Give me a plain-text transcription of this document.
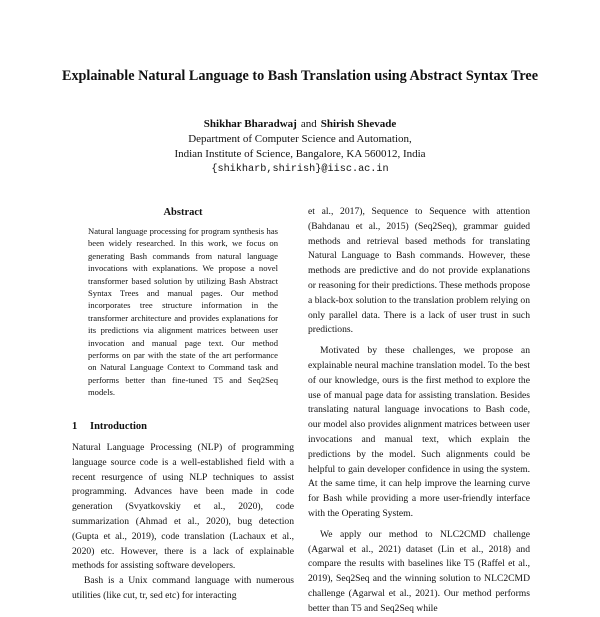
Explainable Natural Language to Bash Translation using Abstract Syntax Tree
Shikhar Bharadwaj and Shirish Shevade
Department of Computer Science and Automation,
Indian Institute of Science, Bangalore, KA 560012, India
{shikharb,shirish}@iisc.ac.in
Abstract

Natural language processing for program synthesis has been widely researched. In this work, we focus on generating Bash commands from natural language invocations with explanations. We propose a novel transformer based solution by utilizing Bash Abstract Syntax Trees and manual pages. Our method incorporates tree structure information in the transformer architecture and provides explanations for its predictions via alignment matrices between user invocation and manual page text. Our method performs on par with the state of the art performance on Natural Language Context to Command task and performs better than fine-tuned T5 and Seq2Seq models.

1 Introduction

Natural Language Processing (NLP) of programming language source code is a well-established field with a recent resurgence of using NLP techniques to assist programming. Advances have been made in code generation (Svyatkovskiy et al., 2020), code summarization (Ahmad et al., 2020), bug detection (Gupta et al., 2019), code translation (Lachaux et al., 2020) etc. However, there is a lack of explainable methods for assisting software developers.

Bash is a Unix command language with numerous utilities (like cut, tr, sed etc) for interacting

et al., 2017), Sequence to Sequence with attention (Bahdanau et al., 2015) (Seq2Seq), grammar guided methods and retrieval based methods for translating Natural Language to Bash commands. However, these methods are predictive and do not provide explanations or reasoning for their predictions. These methods propose a black-box solution to the translation problem relying on only parallel data. There is a lack of user trust in such predictions.

Motivated by these challenges, we propose an explainable neural machine translation model. To the best of our knowledge, ours is the first method to explore the use of manual page data for assisting translation. Besides translating natural language invocations to Bash code, our model also provides alignment matrices between user invocations and manual text, which explain the predictions by the model. Such alignments could be helpful to gain developer confidence in using the system. At the same time, it can help improve the learning curve for Bash while providing a more user-friendly interface with the Operating System.

We apply our method to NLC2CMD challenge (Agarwal et al., 2021) dataset (Lin et al., 2018) and compare the results with baselines like T5 (Raffel et al., 2019), Seq2Seq and the winning solution to NLC2CMD challenge (Agarwal et al., 2021). Our method performs better than T5 and Seq2Seq while
